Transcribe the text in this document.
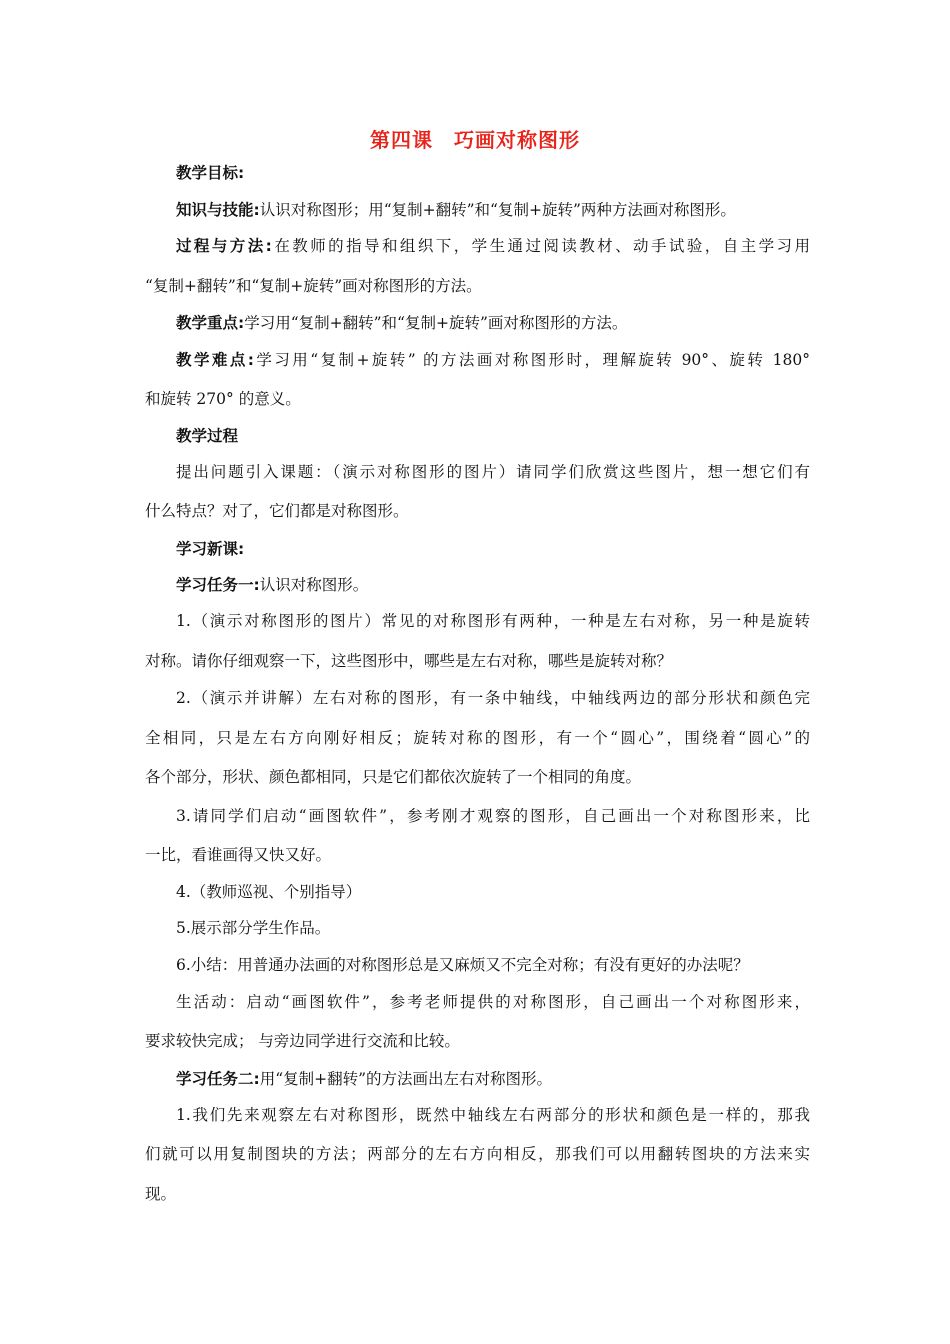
第四课　巧画对称图形
教学目标:
知识与技能:认识对称图形；用“复制+翻转”和“复制+旋转”两种方法画对称图形。
过程与方法:在教师的指导和组织下，学生通过阅读教材、动手试验，自主学习用
“复制+翻转”和“复制+旋转”画对称图形的方法。
教学重点:学习用“复制+翻转”和“复制+旋转”画对称图形的方法。
教学难点:学习用“复制+旋转” 的方法画对称图形时，理解旋转 90°、旋转 180°
和旋转 270° 的意义。
教学过程
提出问题引入课题：（演示对称图形的图片）请同学们欣赏这些图片，想一想它们有
什么特点？对了，它们都是对称图形。
学习新课:
学习任务一:认识对称图形。
1.（演示对称图形的图片）常见的对称图形有两种，一种是左右对称，另一种是旋转
对称。请你仔细观察一下，这些图形中，哪些是左右对称，哪些是旋转对称？
2.（演示并讲解）左右对称的图形，有一条中轴线，中轴线两边的部分形状和颜色完
全相同，只是左右方向刚好相反；旋转对称的图形，有一个“圆心”，围绕着“圆心”的
各个部分，形状、颜色都相同，只是它们都依次旋转了一个相同的角度。
3.请同学们启动“画图软件”，参考刚才观察的图形，自己画出一个对称图形来，比
一比，看谁画得又快又好。
4.（教师巡视、个别指导）
5.展示部分学生作品。
6.小结：用普通办法画的对称图形总是又麻烦又不完全对称；有没有更好的办法呢？
生活动：启动“画图软件”，参考老师提供的对称图形，自己画出一个对称图形来，
要求较快完成； 与旁边同学进行交流和比较。
学习任务二:用“复制+翻转”的方法画出左右对称图形。
1.我们先来观察左右对称图形，既然中轴线左右两部分的形状和颜色是一样的，那我
们就可以用复制图块的方法；两部分的左右方向相反，那我们可以用翻转图块的方法来实
现。
